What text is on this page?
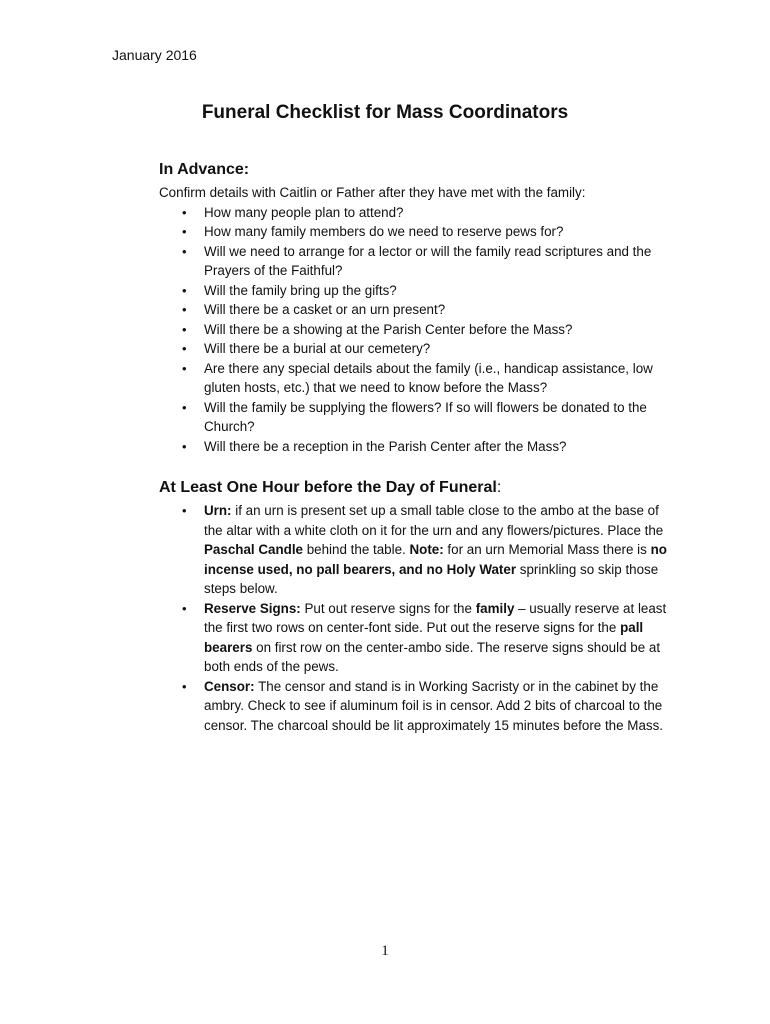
January 2016
Funeral Checklist for Mass Coordinators
In Advance:
Confirm details with Caitlin or Father after they have met with the family:
• How many people plan to attend?
• How many family members do we need to reserve pews for?
• Will we need to arrange for a lector or will the family read scriptures and the Prayers of the Faithful?
• Will the family bring up the gifts?
• Will there be a casket or an urn present?
• Will there be a showing at the Parish Center before the Mass?
• Will there be a burial at our cemetery?
• Are there any special details about the family (i.e., handicap assistance, low gluten hosts, etc.) that we need to know before the Mass?
• Will the family be supplying the flowers? If so will flowers be donated to the Church?
• Will there be a reception in the Parish Center after the Mass?
At Least One Hour before the Day of Funeral:
• Urn: if an urn is present set up a small table close to the ambo at the base of the altar with a white cloth on it for the urn and any flowers/pictures. Place the Paschal Candle behind the table. Note: for an urn Memorial Mass there is no incense used, no pall bearers, and no Holy Water sprinkling so skip those steps below.
• Reserve Signs: Put out reserve signs for the family – usually reserve at least the first two rows on center-font side. Put out the reserve signs for the pall bearers on first row on the center-ambo side. The reserve signs should be at both ends of the pews.
• Censor: The censor and stand is in Working Sacristy or in the cabinet by the ambry. Check to see if aluminum foil is in censor. Add 2 bits of charcoal to the censor. The charcoal should be lit approximately 15 minutes before the Mass.
1
